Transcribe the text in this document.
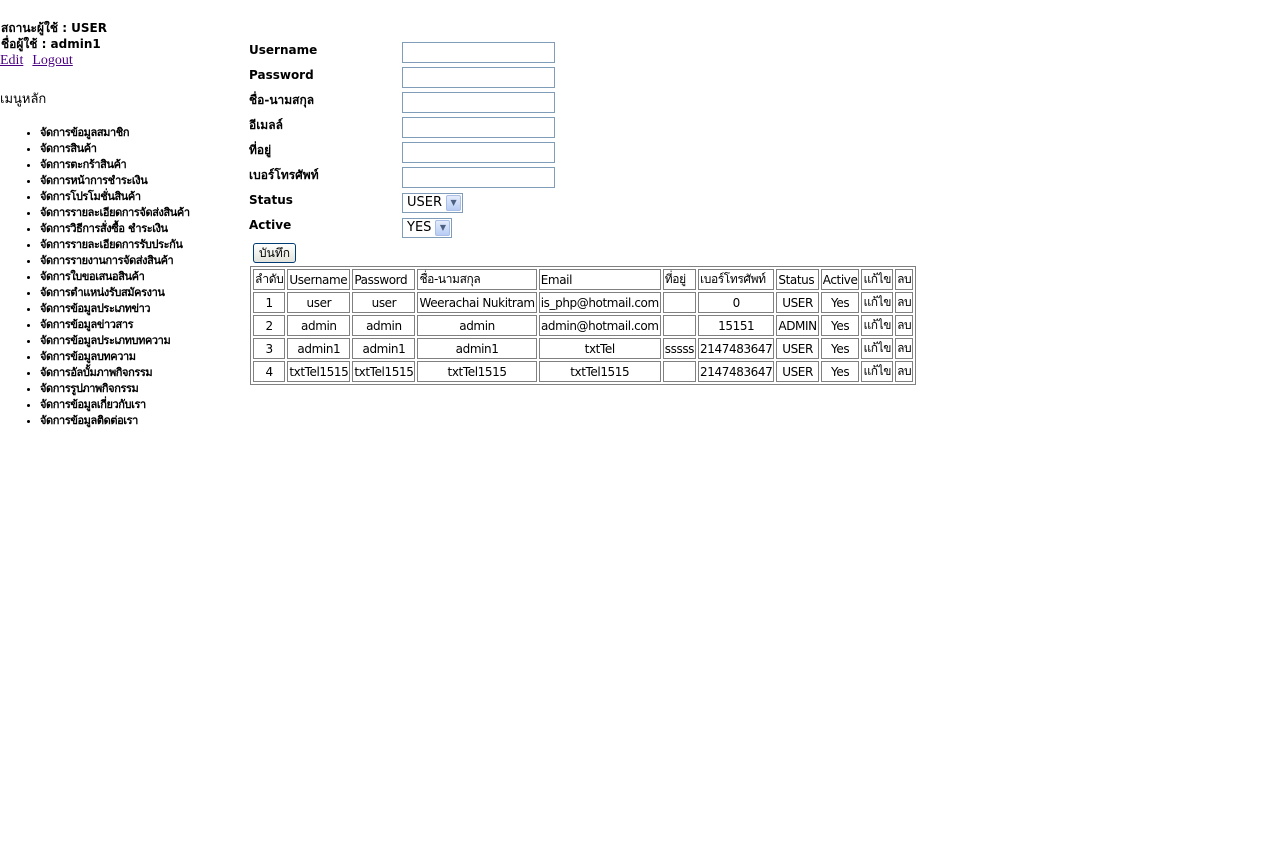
สถานะผู้ใช้ : USER
ชื่อผู้ใช้ : admin1
Edit Logout
เมนูหลัก
• จัดการข้อมูลสมาชิก
• จัดการสินค้า
• จัดการตะกร้าสินค้า
• จัดการหน้าการชำระเงิน
• จัดการโปรโมชั่นสินค้า
• จัดการรายละเอียดการจัดส่งสินค้า
• จัดการวิธีการสั่งซื้อ ชำระเงิน
• จัดการรายละเอียดการรับประกัน
• จัดการรายงานการจัดส่งสินค้า
• จัดการใบขอเสนอสินค้า
• จัดการตำแหน่งรับสมัครงาน
• จัดการข้อมูลประเภทข่าว
• จัดการข้อมูลข่าวสาร
• จัดการข้อมูลประเภทบทความ
• จัดการข้อมูลบทความ
• จัดการอัลบั้มภาพกิจกรรม
• จัดการรูปภาพกิจกรรม
• จัดการข้อมูลเกี่ยวกับเรา
• จัดการข้อมูลติดต่อเรา
Username
Password
ชื่อ-นามสกุล
อีเมลล์
ที่อยู่
เบอร์โทรศัพท์
Status	USER	▼
Active	YES	▼
บันทึก
ลำดับ	Username	Password	ชื่อ-นามสกุล	Email	ที่อยู่	เบอร์โทรศัพท์	Status	Active	แก้ไข	ลบ
1	user	user	Weerachai Nukitram	is_php@hotmail.com		0	USER	Yes	แก้ไข	ลบ
2	admin	admin	admin	admin@hotmail.com		15151	ADMIN	Yes	แก้ไข	ลบ
3	admin1	admin1	admin1	txtTel	sssss	2147483647	USER	Yes	แก้ไข	ลบ
4	txtTel1515	txtTel1515	txtTel1515	txtTel1515		2147483647	USER	Yes	แก้ไข	ลบ
